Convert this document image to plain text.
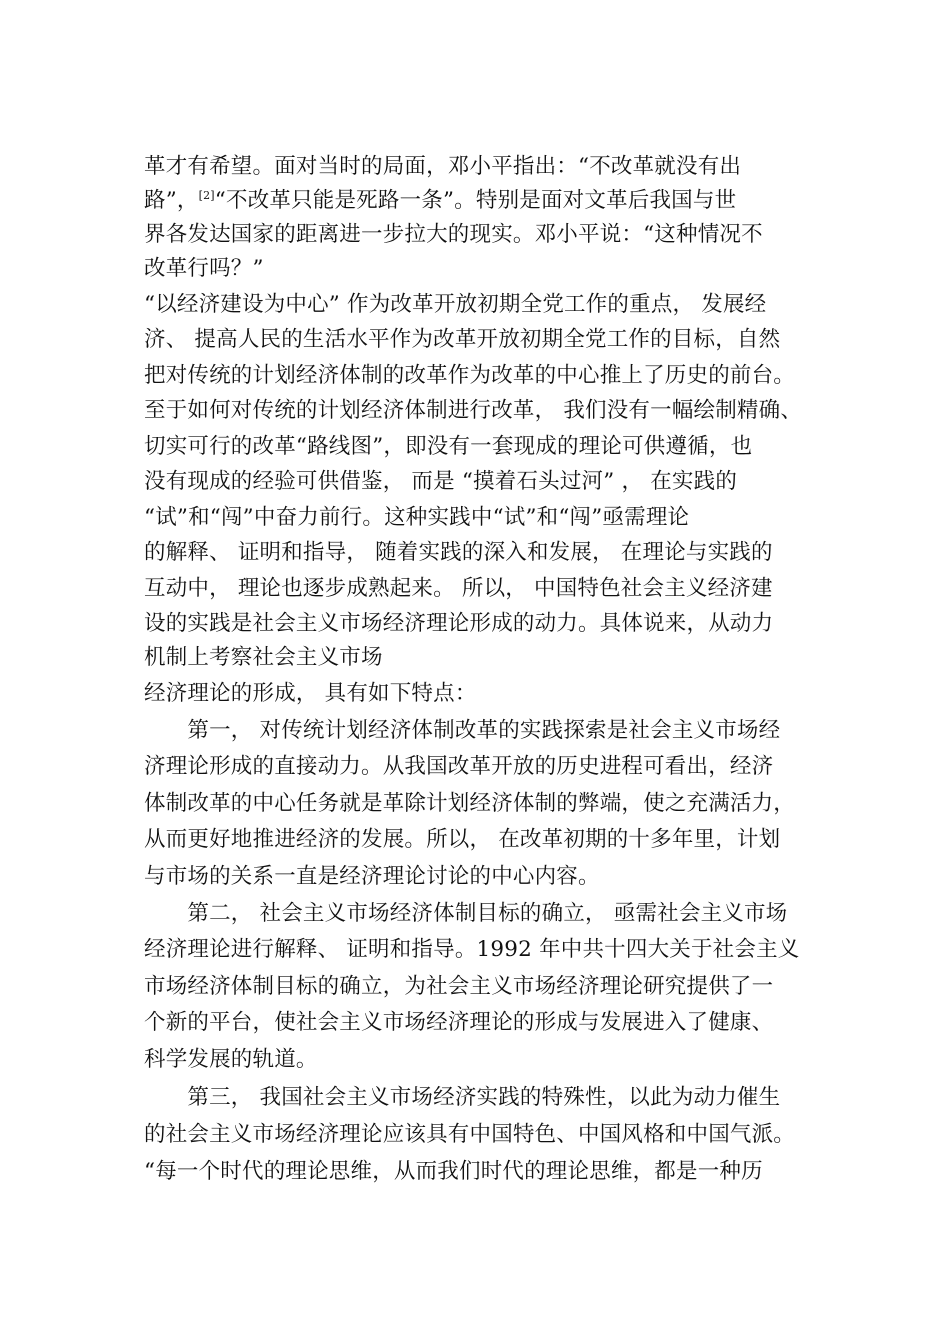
革才有希望。面对当时的局面，邓小平指出：“不改革就没有出
路”，[2]“不改革只能是死路一条”。特别是面对文革后我国与世
界各发达国家的距离进一步拉大的现实。邓小平说：“这种情况不
改革行吗？”
“以经济建设为中心” 作为改革开放初期全党工作的重点， 发展经
济、 提高人民的生活水平作为改革开放初期全党工作的目标，自然
把对传统的计划经济体制的改革作为改革的中心推上了历史的前台。
至于如何对传统的计划经济体制进行改革， 我们没有一幅绘制精确、
切实可行的改革“路线图”，即没有一套现成的理论可供遵循，也
没有现成的经验可供借鉴， 而是 “摸着石头过河” ， 在实践的
“试”和“闯”中奋力前行。这种实践中“试”和“闯”亟需理论
的解释、 证明和指导， 随着实践的深入和发展， 在理论与实践的
互动中， 理论也逐步成熟起来。 所以， 中国特色社会主义经济建
设的实践是社会主义市场经济理论形成的动力。具体说来，从动力
机制上考察社会主义市场
经济理论的形成， 具有如下特点：
　　第一， 对传统计划经济体制改革的实践探索是社会主义市场经
济理论形成的直接动力。从我国改革开放的历史进程可看出，经济
体制改革的中心任务就是革除计划经济体制的弊端，使之充满活力，
从而更好地推进经济的发展。所以， 在改革初期的十多年里，计划
与市场的关系一直是经济理论讨论的中心内容。
　　第二， 社会主义市场经济体制目标的确立， 亟需社会主义市场
经济理论进行解释、 证明和指导。1992 年中共十四大关于社会主义
市场经济体制目标的确立，为社会主义市场经济理论研究提供了一
个新的平台，使社会主义市场经济理论的形成与发展进入了健康、
科学发展的轨道。
　　第三， 我国社会主义市场经济实践的特殊性，以此为动力催生
的社会主义市场经济理论应该具有中国特色、中国风格和中国气派。
“每一个时代的理论思维，从而我们时代的理论思维，都是一种历
